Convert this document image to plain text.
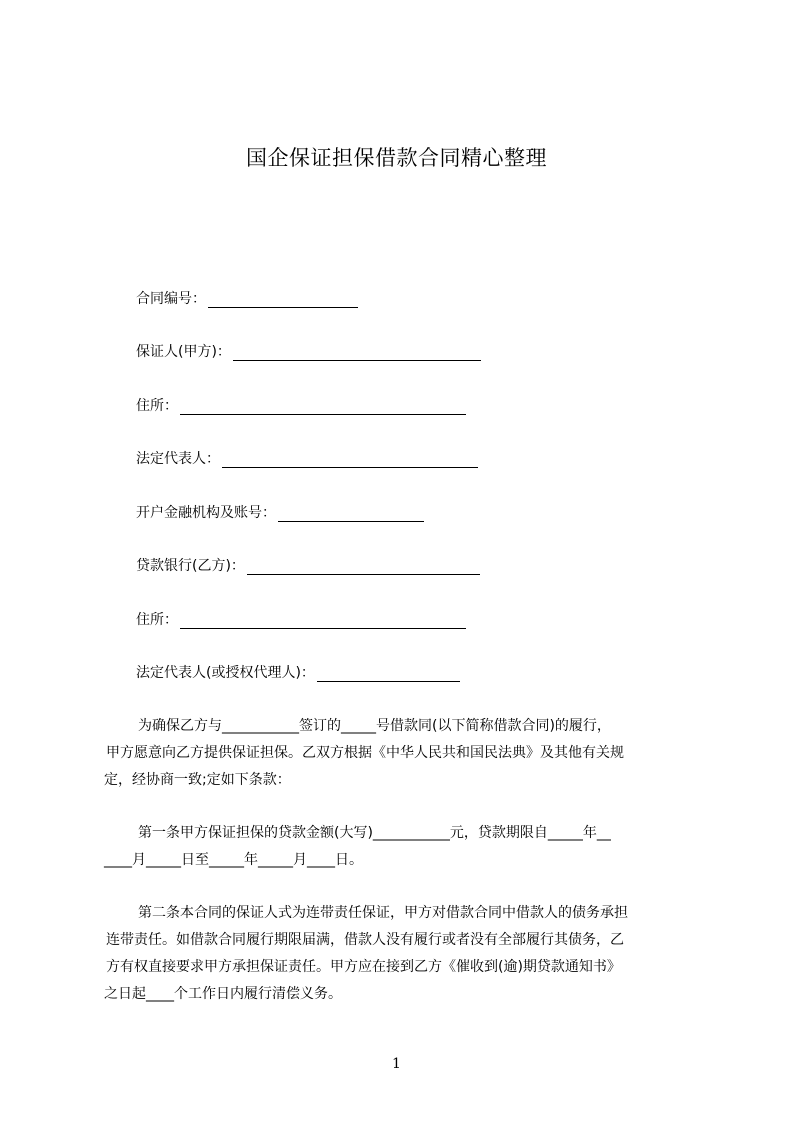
国企保证担保借款合同精心整理
合同编号：
保证人(甲方)：
住所：
法定代表人：
开户金融机构及账号：
贷款银行(乙方)：
住所：
法定代表人(或授权代理人)：

为确保乙方与___________签订的_____号借款同(以下简称借款合同)的履行，

甲方愿意向乙方提供保证担保。乙双方根据《中华人民共和国民法典》及其他有关规

定，经协商一致;定如下条款：

第一条甲方保证担保的贷款金额(大写)___________元，贷款期限自_____年__

____月_____日至_____年_____月____日。

第二条本合同的保证人式为连带责任保证，甲方对借款合同中借款人的债务承担

连带责任。如借款合同履行期限届满，借款人没有履行或者没有全部履行其债务，乙

方有权直接要求甲方承担保证责任。甲方应在接到乙方《催收到(逾)期贷款通知书》

之日起____个工作日内履行清偿义务。

1
